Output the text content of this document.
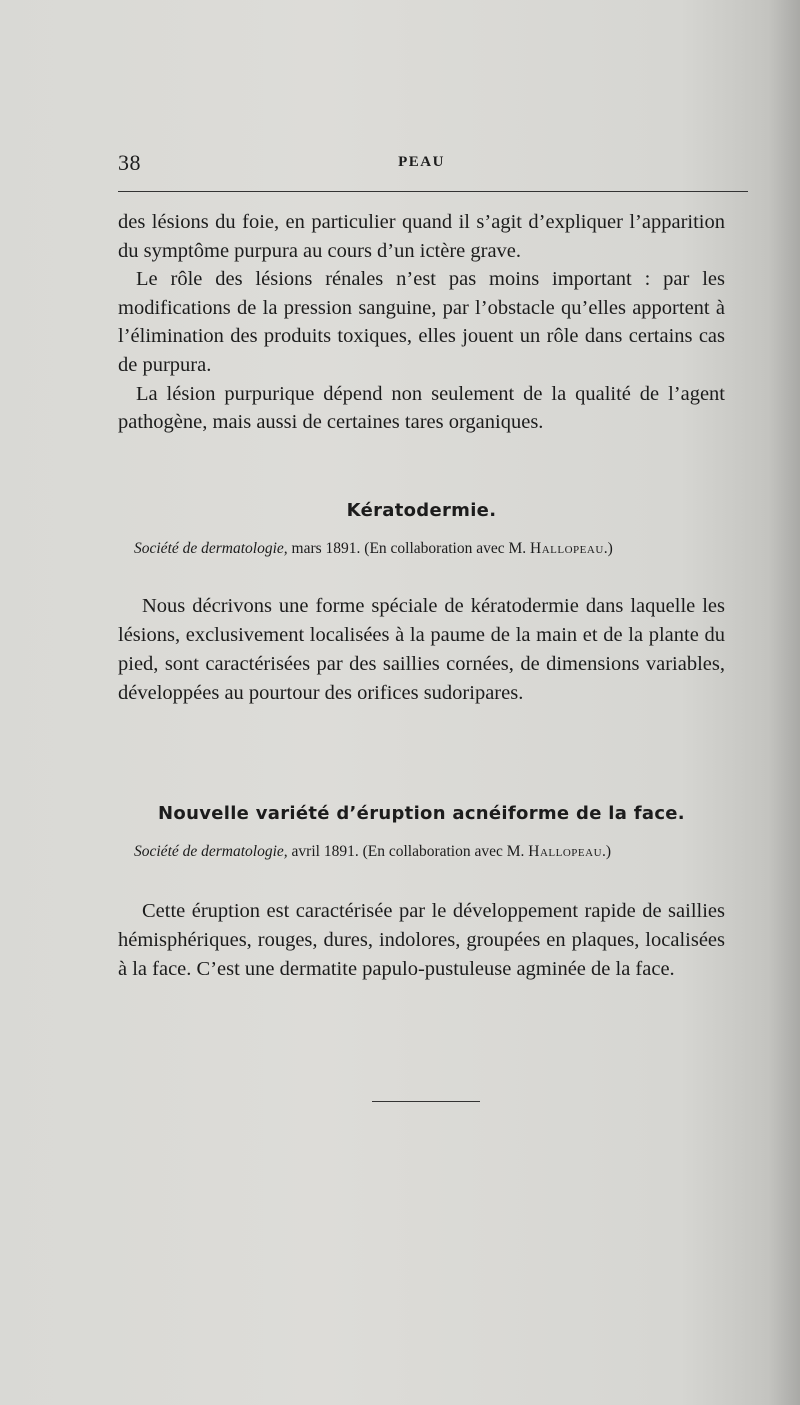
38	PEAU

des lésions du foie, en particulier quand il s’agit d’expliquer l’apparition du symptôme purpura au cours d’un ictère grave.

Le rôle des lésions rénales n’est pas moins important : par les modifications de la pression sanguine, par l’obstacle qu’elles apportent à l’élimination des produits toxiques, elles jouent un rôle dans certains cas de purpura.

La lésion purpurique dépend non seulement de la qualité de l’agent pathogène, mais aussi de certaines tares organiques.

Kératodermie.
Société de dermatologie, mars 1891. (En collaboration avec M. Hallopeau.)

Nous décrivons une forme spéciale de kératodermie dans laquelle les lésions, exclusivement localisées à la paume de la main et de la plante du pied, sont caractérisées par des saillies cornées, de dimensions variables, développées au pourtour des orifices sudoripares.

Nouvelle variété d’éruption acnéiforme de la face.
Société de dermatologie, avril 1891. (En collaboration avec M. Hallopeau.)

Cette éruption est caractérisée par le développement rapide de saillies hémisphériques, rouges, dures, indolores, groupées en plaques, localisées à la face. C’est une dermatite papulo-pustuleuse agminée de la face.
